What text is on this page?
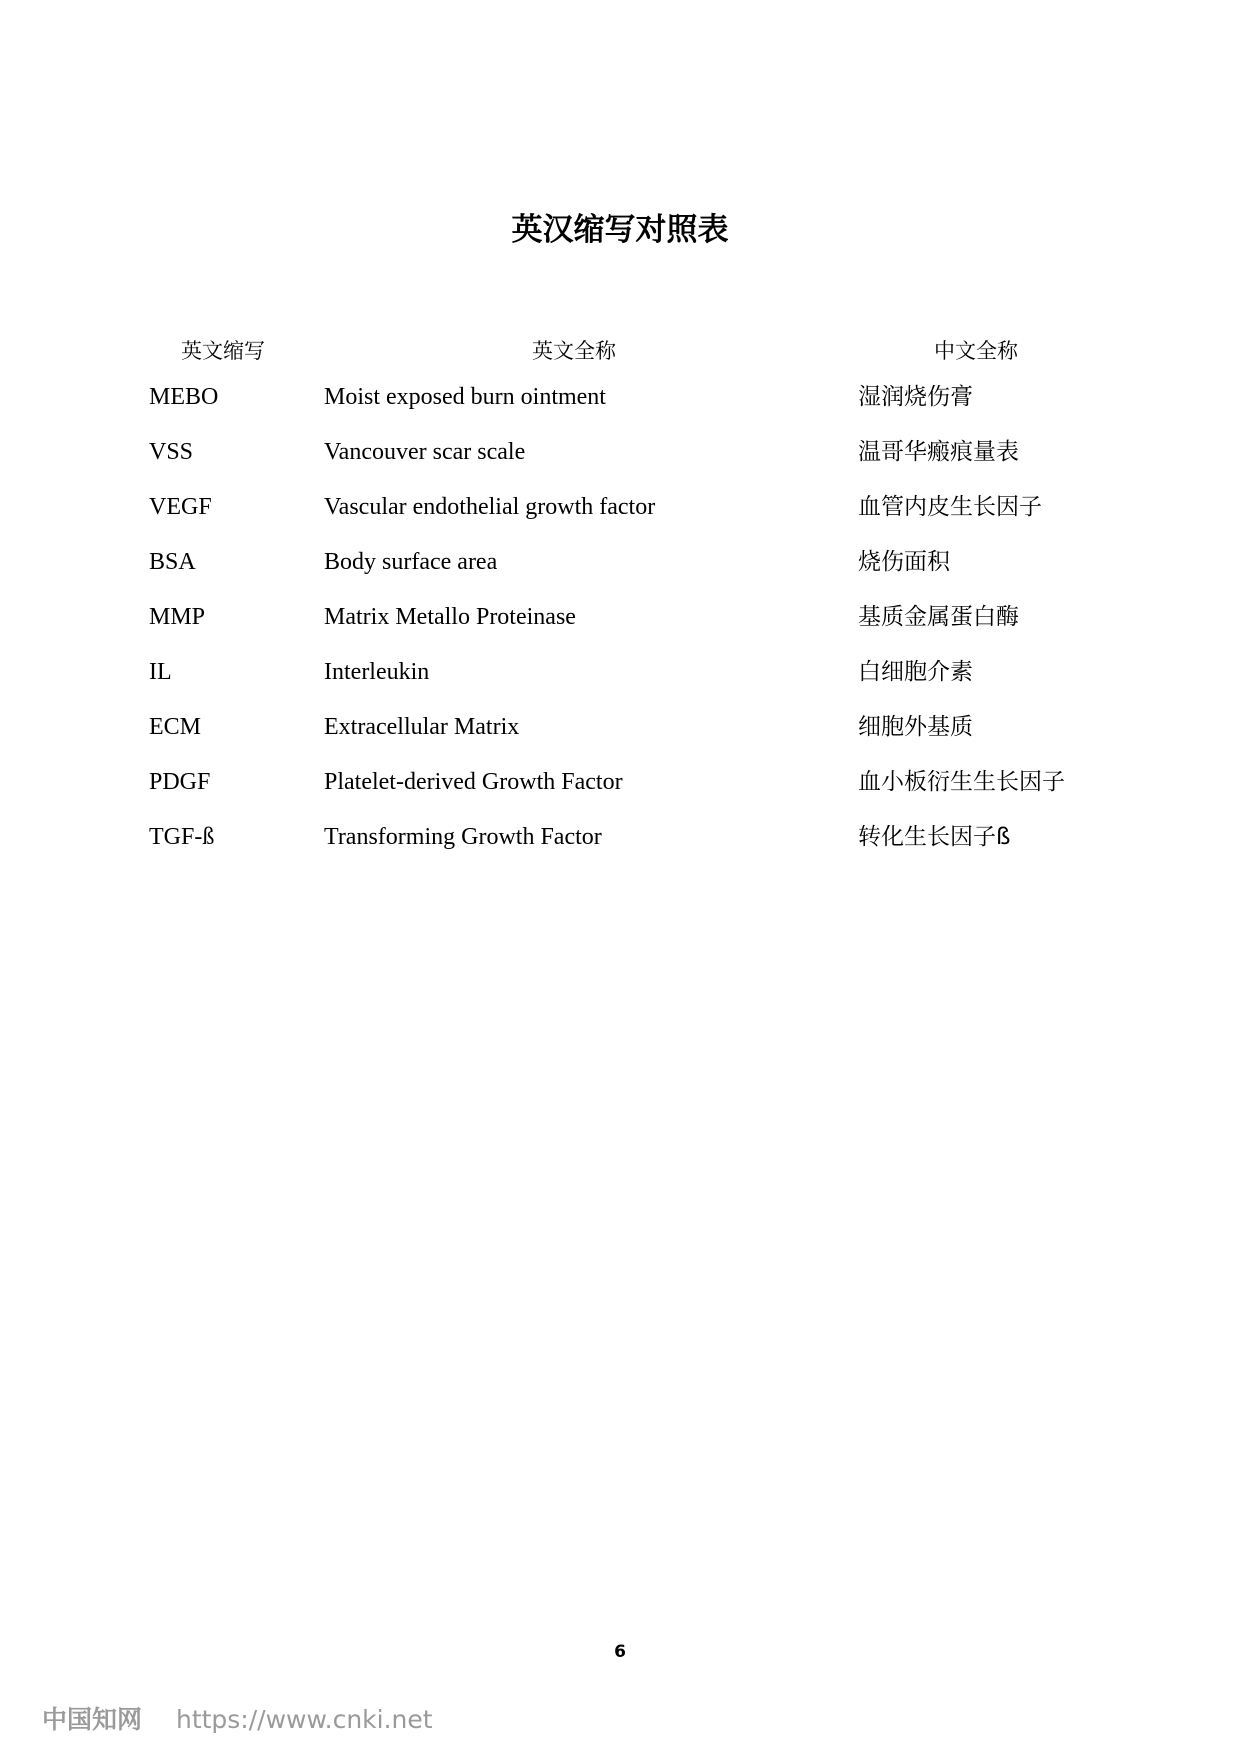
英汉缩写对照表
英文缩写	英文全称	中文全称
MEBO	Moist exposed burn ointment	湿润烧伤膏
VSS	Vancouver scar scale	温哥华瘢痕量表
VEGF	Vascular endothelial growth factor	血管内皮生长因子
BSA	Body surface area	烧伤面积
MMP	Matrix Metallo Proteinase	基质金属蛋白酶
IL	Interleukin	白细胞介素
ECM	Extracellular Matrix	细胞外基质
PDGF	Platelet-derived Growth Factor	血小板衍生生长因子
TGF-ß	Transforming Growth Factor	转化生长因子ß
6
中国知网 https://www.cnki.net
